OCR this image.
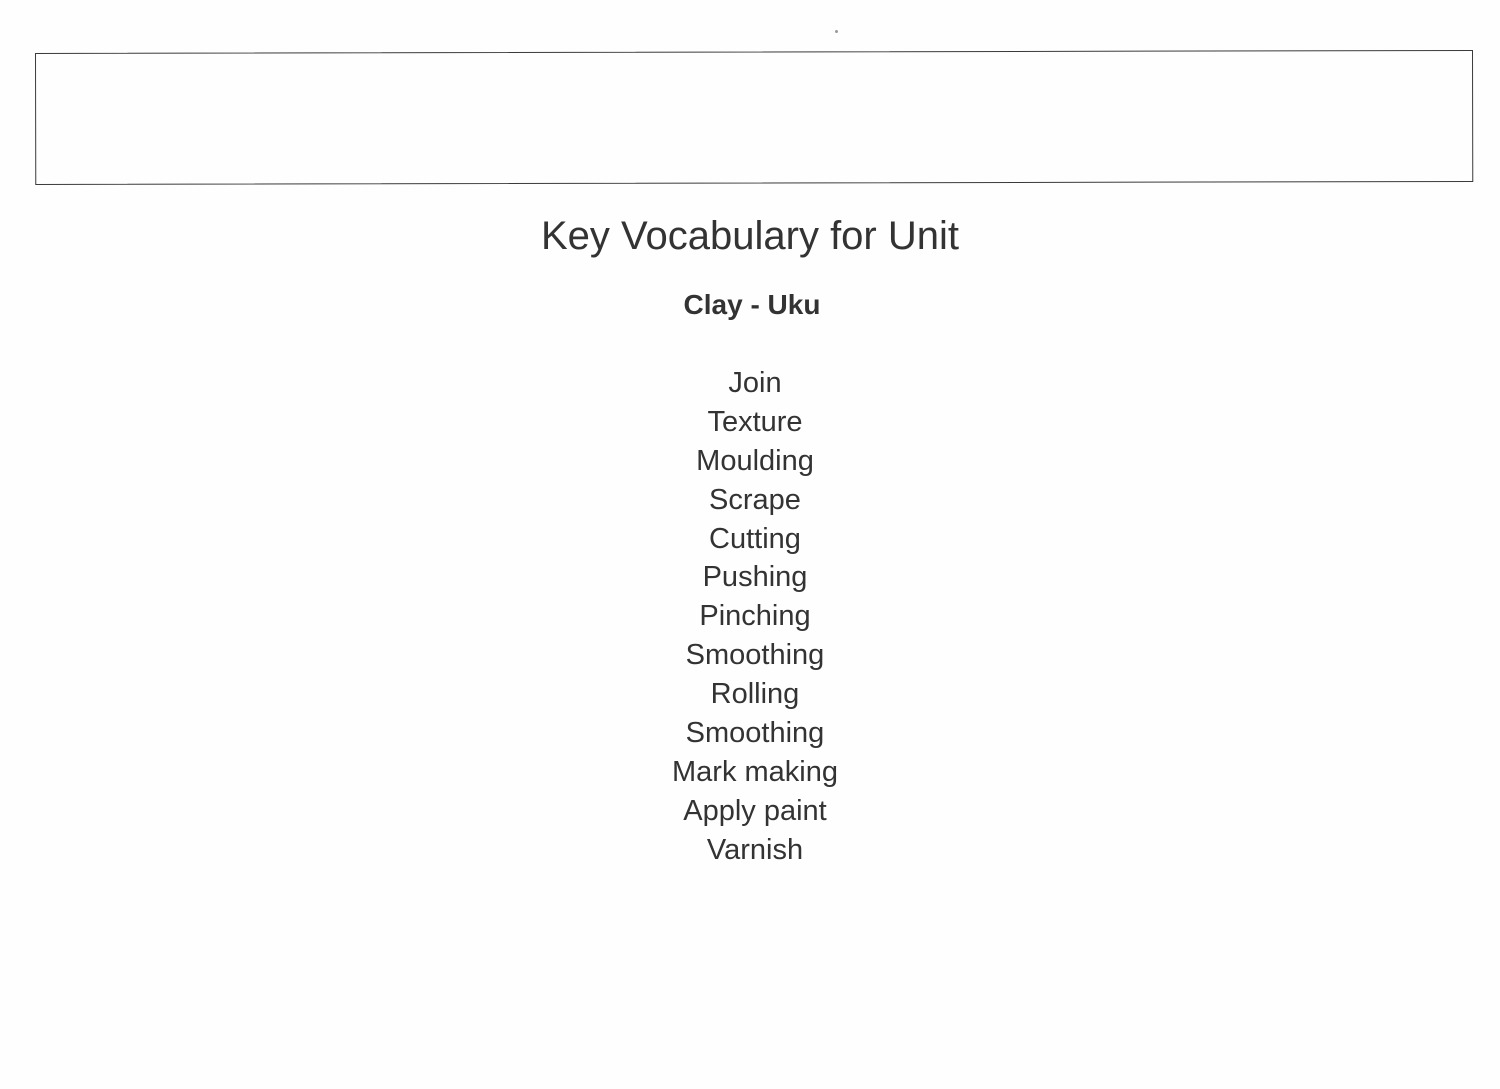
Key Vocabulary for Unit
Clay - Uku
Join
Texture
Moulding
Scrape
Cutting
Pushing
Pinching
Smoothing
Rolling
Smoothing
Mark making
Apply paint
Varnish
